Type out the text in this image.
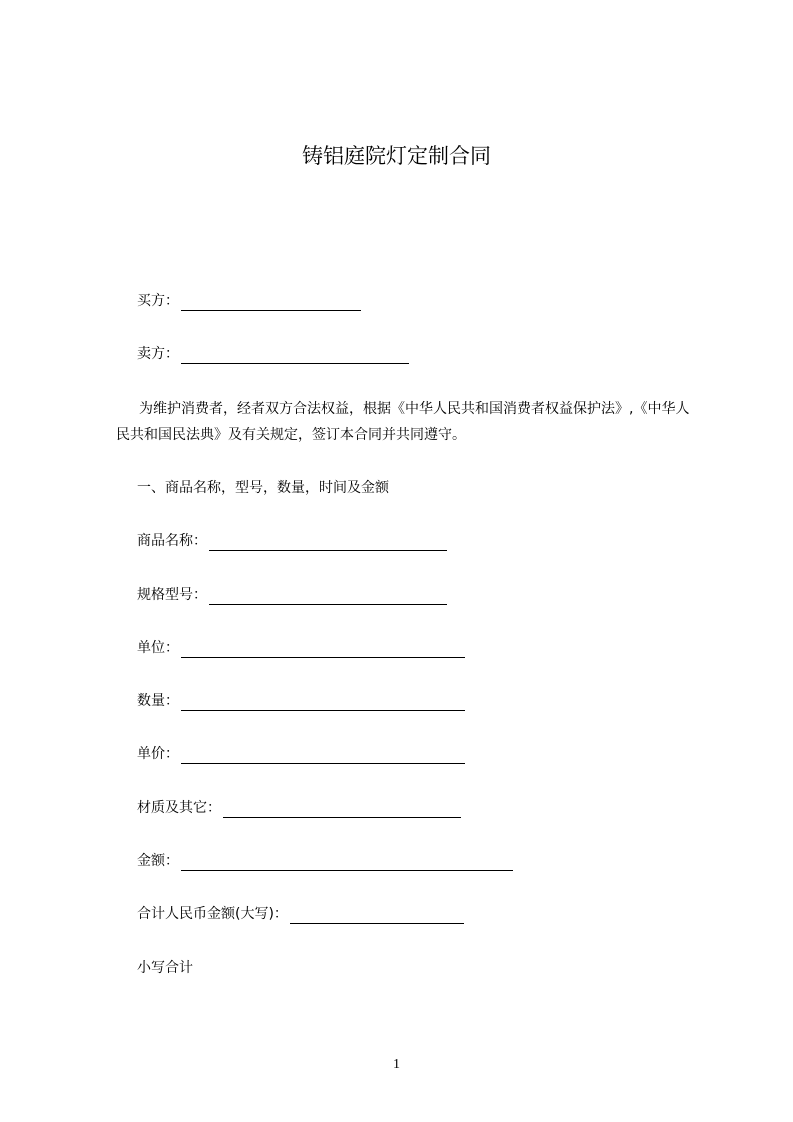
铸铝庭院灯定制合同
买方：
卖方：

为维护消费者，经者双方合法权益，根据《中华人民共和国消费者权益保护法》,《中华人民共和国民法典》及有关规定，签订本合同并共同遵守。

一、商品名称，型号，数量，时间及金额
商品名称：
规格型号：
单位：
数量：
单价：
材质及其它：
金额：
合计人民币金额(大写)：
小写合计
1
